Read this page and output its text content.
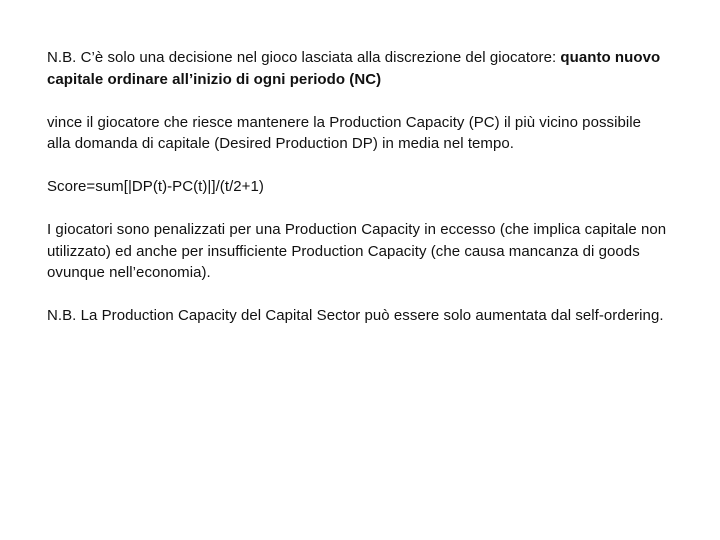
N.B. C’è solo una decisione nel gioco lasciata alla discrezione del giocatore: quanto nuovo capitale ordinare all’inizio di ogni periodo (NC)

vince il giocatore che riesce mantenere la Production Capacity (PC) il più vicino possibile alla domanda di capitale (Desired Production DP) in media nel tempo.

Score=sum[|DP(t)-PC(t)|]/(t/2+1)

I giocatori sono penalizzati per una Production Capacity in eccesso (che implica capitale non utilizzato) ed anche per insufficiente Production Capacity (che causa mancanza di goods ovunque nell’economia).

N.B. La Production Capacity del Capital Sector può essere solo aumentata dal self-ordering.
